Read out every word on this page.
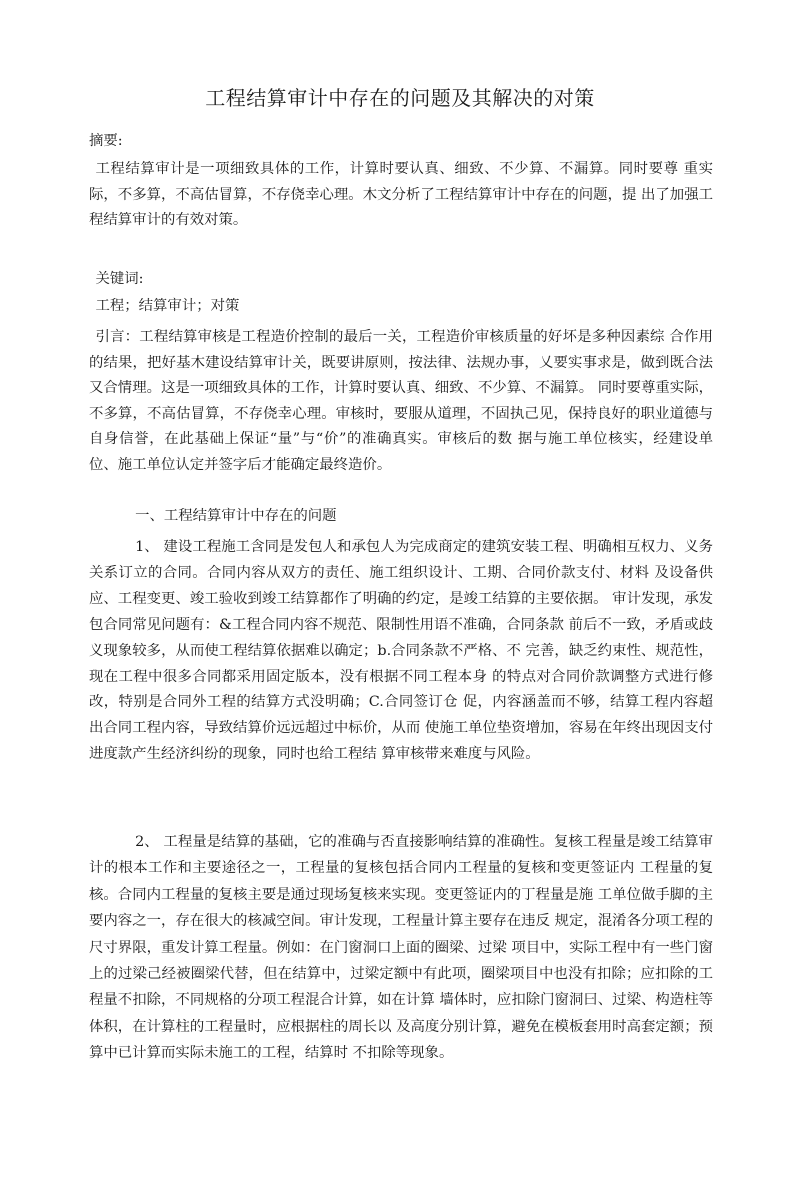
工程结算审计中存在的问题及其解决的对策
摘要:
工程结算审计是一项细致具体的工作，计算时要认真、细致、不少算、不漏算。同时要尊 重实际，不多算，不高估冒算，不存侥幸心理。木文分析了工程结算审计中存在的问题，提 出了加强工程结算审计的有效对策。
关键词:
工程；结算审计；对策
引言：工程结算审核是工程造价控制的最后一关，工程造价审核质量的好坏是多种因素综 合作用的结果，把好基木建设结算审计关，既要讲原则，按法律、法规办事，乂要实事求是，做到既合法又合情理。这是一项细致具体的工作，计算时要认真、细致、不少算、不漏算。 同时要尊重实际，不多算，不高估冒算，不存侥幸心理。审核时，要服从道理，不固执己见，保持良好的职业道德与自身信誉，在此基础上保证“量”与“价”的准确真实。审核后的数 据与施工单位核实，经建设单位、施工单位认定并签字后才能确定最终造价。
一、工程结算审计中存在的问题
1、 建设工程施工含同是发包人和承包人为完成商定的建筑安装工程、明确相互权力、义务关系订立的合同。合同内容从双方的责任、施工组织设计、工期、合同价款支付、材料 及设备供应、工程变更、竣工验收到竣工结算都作了明确的约定，是竣工结算的主要依据。 审计发现，承发包合同常见问题有：&工程合同内容不规范、限制性用语不准确，合同条款 前后不一致，矛盾或歧义现象较多，从而使工程结算依据难以确定；b.合同条款不严格、不 完善，缺乏约束性、规范性，现在工程中很多合同都采用固定版本，没有根据不同工程本身 的特点对合同价款调整方式进行修改，特别是合同外工程的结算方式没明确；C.合同签订仓 促，内容涵盖而不够，结算工程内容超出合同工程内容，导致结算价远远超过中标价，从而 使施工单位垫资增加，容易在年终出现因支付进度款产生经济纠纷的现象，同时也给工程结 算审核带来难度与风险。
2、 工程量是结算的基础，它的准确与否直接影响结算的准确性。复核工程量是竣工结算审计的根本工作和主要途径之一，工程量的复核包括合同内工程量的复核和变更签证内 工程量的复核。合同内工程量的复核主要是通过现场复核来实现。变更签证内的丁程量是施 工单位做手脚的主要内容之一，存在很大的核减空间。审计发现，工程量计算主要存在违反 规定，混淆各分项工程的尺寸界限，重发计算工程量。例如：在门窗洞口上面的圈梁、过梁 项目中，实际工程中有一些门窗上的过梁己经被圈梁代替，但在结算中，过梁定额中有此项，圈梁项目中也没有扣除；应扣除的工程量不扣除，不同规格的分项工程混合计算，如在计算 墙体时，应扣除门窗洞曰、过梁、构造柱等体积，在计算柱的工程量时，应根据柱的周长以 及高度分别计算，避免在模板套用时高套定额；预算中已计算而实际未施工的工程，结算时 不扣除等现象。
